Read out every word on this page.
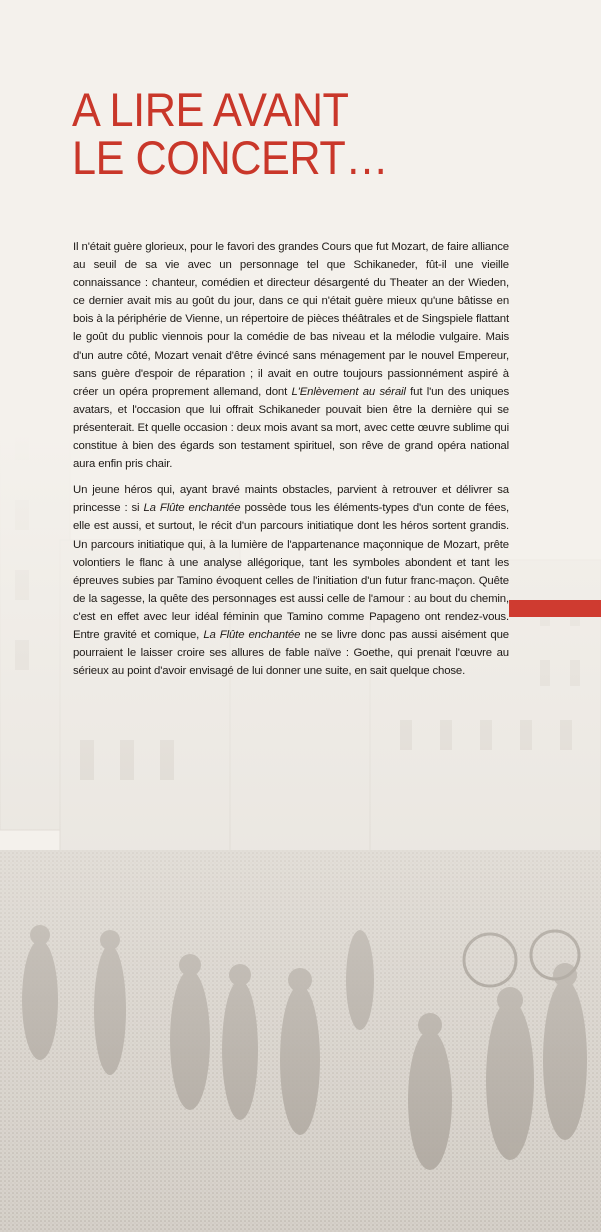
A LIRE AVANT
LE CONCERT…

Il n'était guère glorieux, pour le favori des grandes Cours que fut Mozart, de faire alliance au seuil de sa vie avec un personnage tel que Schikaneder, fût-il une vieille connaissance : chanteur, comédien et directeur désargenté du Theater an der Wieden, ce dernier avait mis au goût du jour, dans ce qui n'était guère mieux qu'une bâtisse en bois à la périphérie de Vienne, un répertoire de pièces théâtrales et de Singspiele flattant le goût du public viennois pour la comédie de bas niveau et la mélodie vulgaire. Mais d'un autre côté, Mozart venait d'être évincé sans ménagement par le nouvel Empereur, sans guère d'espoir de réparation ; il avait en outre toujours passionnément aspiré à créer un opéra proprement allemand, dont L'Enlèvement au sérail fut l'un des uniques avatars, et l'occasion que lui offrait Schikaneder pouvait bien être la dernière qui se présenterait. Et quelle occasion : deux mois avant sa mort, avec cette œuvre sublime qui constitue à bien des égards son testament spirituel, son rêve de grand opéra national aura enfin pris chair.

Un jeune héros qui, ayant bravé maints obstacles, parvient à retrouver et délivrer sa princesse : si La Flûte enchantée possède tous les éléments-types d'un conte de fées, elle est aussi, et surtout, le récit d'un parcours initiatique dont les héros sortent grandis. Un parcours initiatique qui, à la lumière de l'appartenance maçonnique de Mozart, prête volontiers le flanc à une analyse allégorique, tant les symboles abondent et tant les épreuves subies par Tamino évoquent celles de l'initiation d'un futur franc-maçon. Quête de la sagesse, la quête des personnages est aussi celle de l'amour : au bout du chemin, c'est en effet avec leur idéal féminin que Tamino comme Papageno ont rendez-vous. Entre gravité et comique, La Flûte enchantée ne se livre donc pas aussi aisément que pourraient le laisser croire ses allures de fable naïve : Goethe, qui prenait l'œuvre au sérieux au point d'avoir envisagé de lui donner une suite, en sait quelque chose.
